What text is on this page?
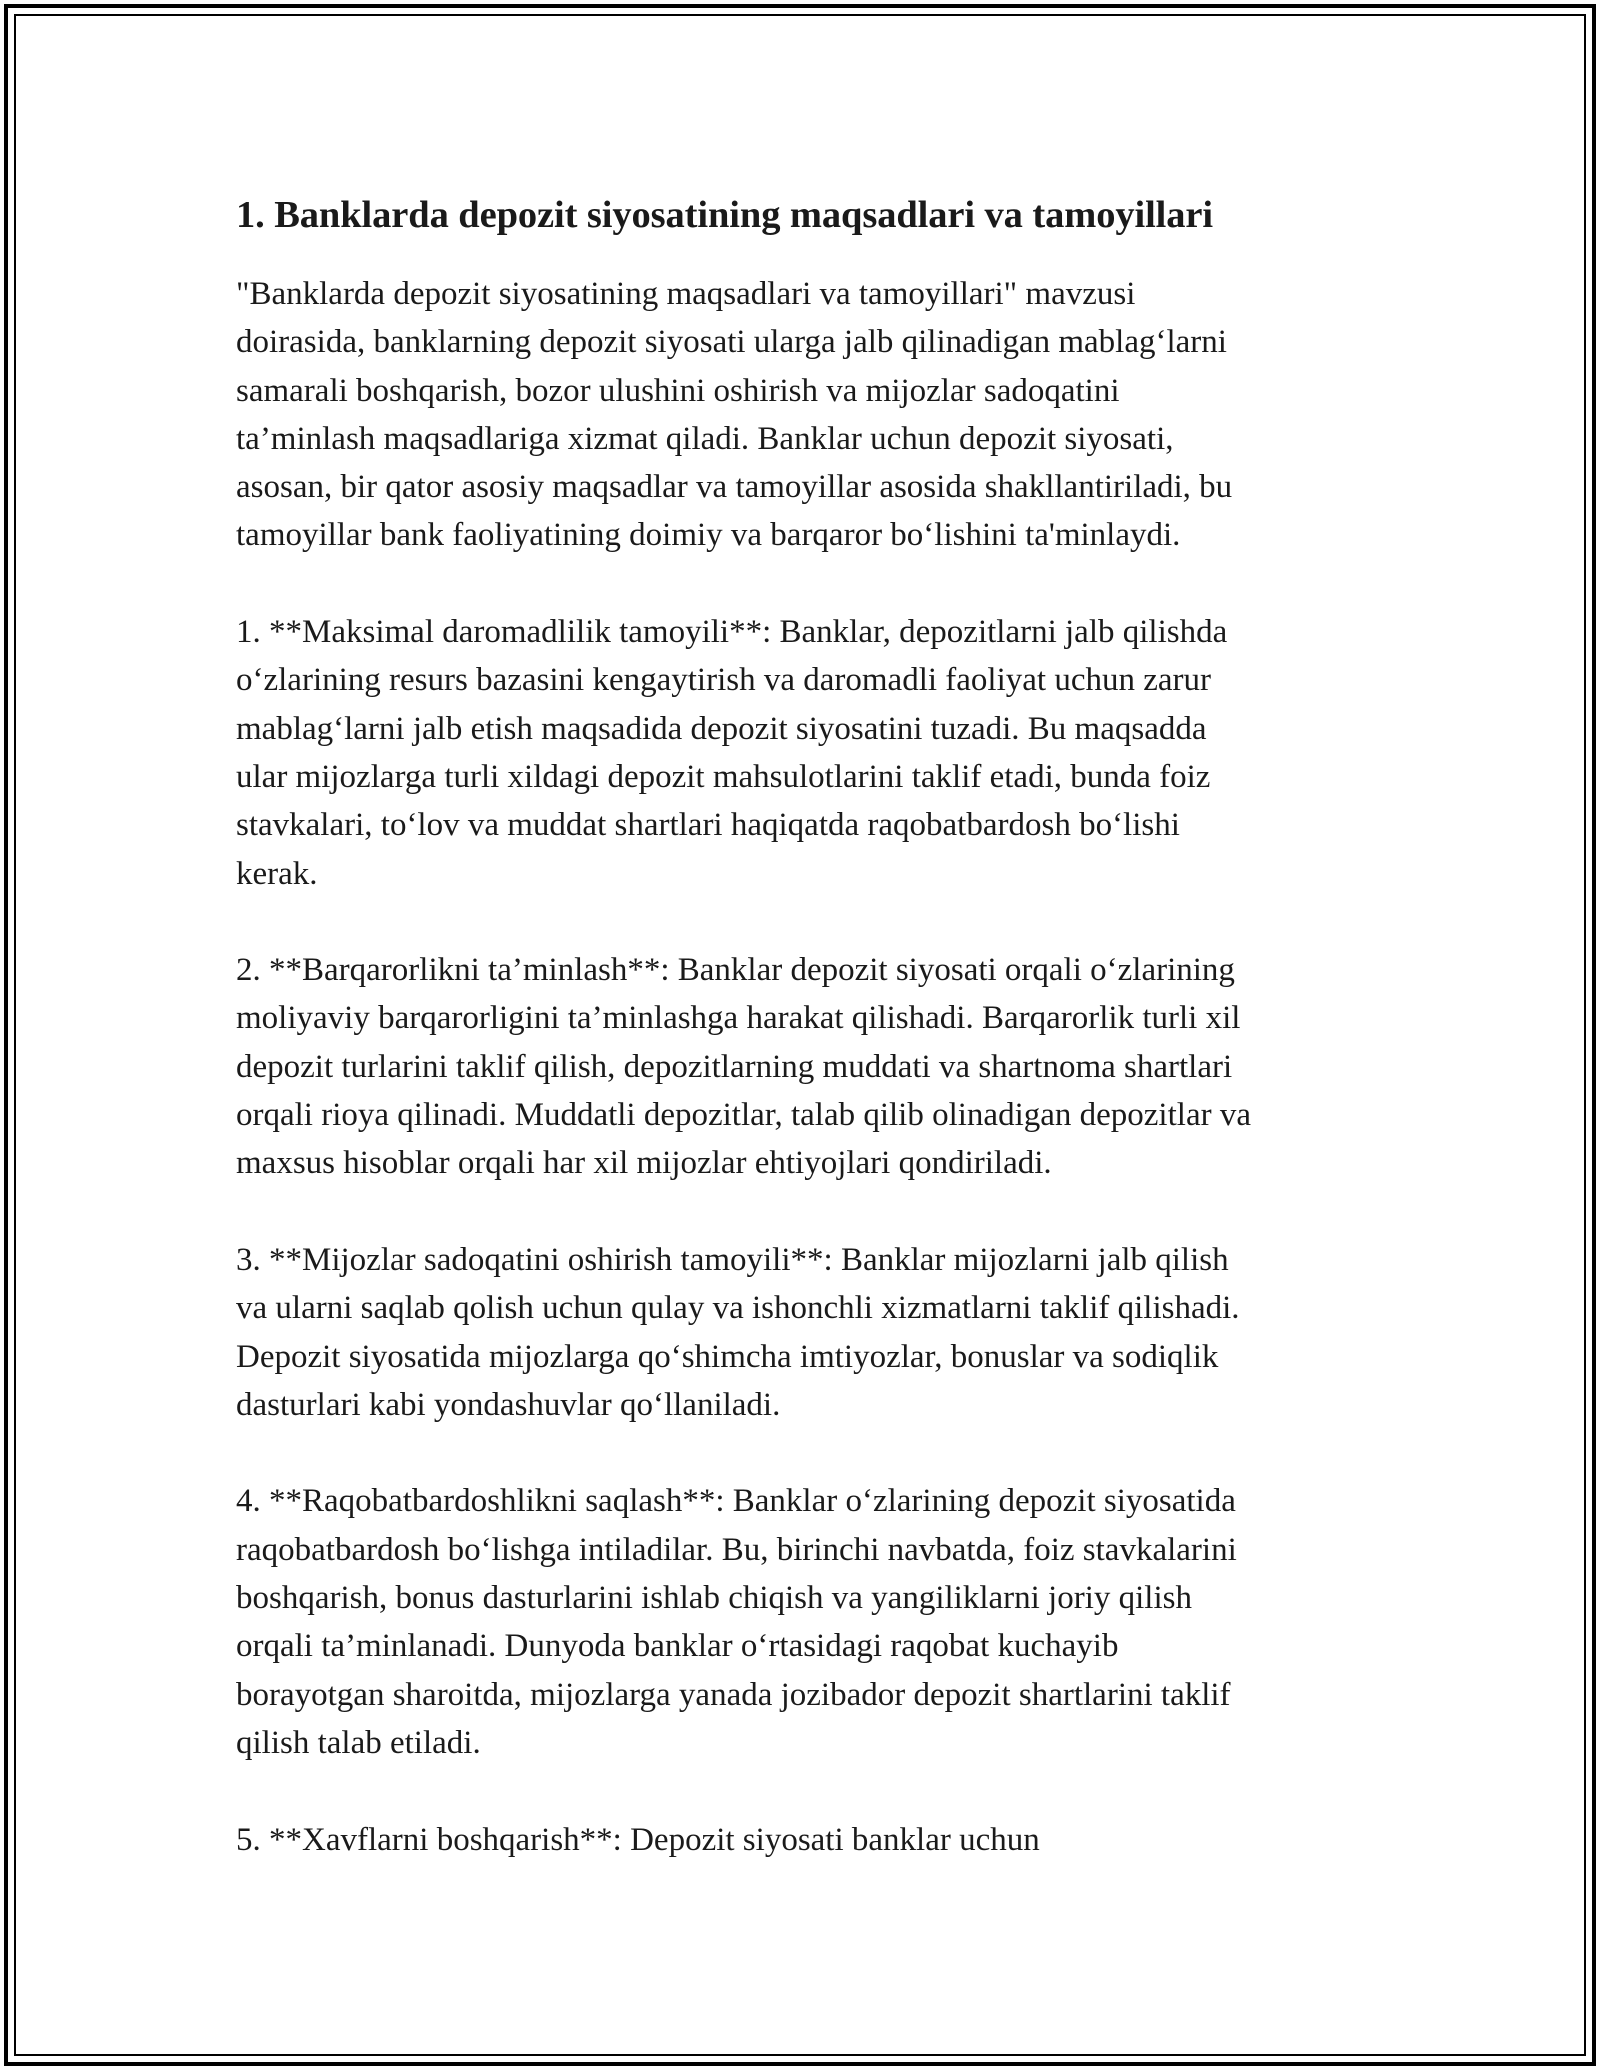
1. Banklarda depozit siyosatining maqsadlari va tamoyillari

"Banklarda depozit siyosatining maqsadlari va tamoyillari" mavzusi
doirasida, banklarning depozit siyosati ularga jalb qilinadigan mablag‘larni
samarali boshqarish, bozor ulushini oshirish va mijozlar sadoqatini
ta’minlash maqsadlariga xizmat qiladi. Banklar uchun depozit siyosati,
asosan, bir qator asosiy maqsadlar va tamoyillar asosida shakllantiriladi, bu
tamoyillar bank faoliyatining doimiy va barqaror bo‘lishini ta'minlaydi.

1. **Maksimal daromadlilik tamoyili**: Banklar, depozitlarni jalb qilishda
o‘zlarining resurs bazasini kengaytirish va daromadli faoliyat uchun zarur
mablag‘larni jalb etish maqsadida depozit siyosatini tuzadi. Bu maqsadda
ular mijozlarga turli xildagi depozit mahsulotlarini taklif etadi, bunda foiz
stavkalari, to‘lov va muddat shartlari haqiqatda raqobatbardosh bo‘lishi
kerak.

2. **Barqarorlikni ta’minlash**: Banklar depozit siyosati orqali o‘zlarining
moliyaviy barqarorligini ta’minlashga harakat qilishadi. Barqarorlik turli xil
depozit turlarini taklif qilish, depozitlarning muddati va shartnoma shartlari
orqali rioya qilinadi. Muddatli depozitlar, talab qilib olinadigan depozitlar va
maxsus hisoblar orqali har xil mijozlar ehtiyojlari qondiriladi.

3. **Mijozlar sadoqatini oshirish tamoyili**: Banklar mijozlarni jalb qilish
va ularni saqlab qolish uchun qulay va ishonchli xizmatlarni taklif qilishadi.
Depozit siyosatida mijozlarga qo‘shimcha imtiyozlar, bonuslar va sodiqlik
dasturlari kabi yondashuvlar qo‘llaniladi.

4. **Raqobatbardoshlikni saqlash**: Banklar o‘zlarining depozit siyosatida
raqobatbardosh bo‘lishga intiladilar. Bu, birinchi navbatda, foiz stavkalarini
boshqarish, bonus dasturlarini ishlab chiqish va yangiliklarni joriy qilish
orqali ta’minlanadi. Dunyoda banklar o‘rtasidagi raqobat kuchayib
borayotgan sharoitda, mijozlarga yanada jozibador depozit shartlarini taklif
qilish talab etiladi.

5. **Xavflarni boshqarish**: Depozit siyosati banklar uchun
